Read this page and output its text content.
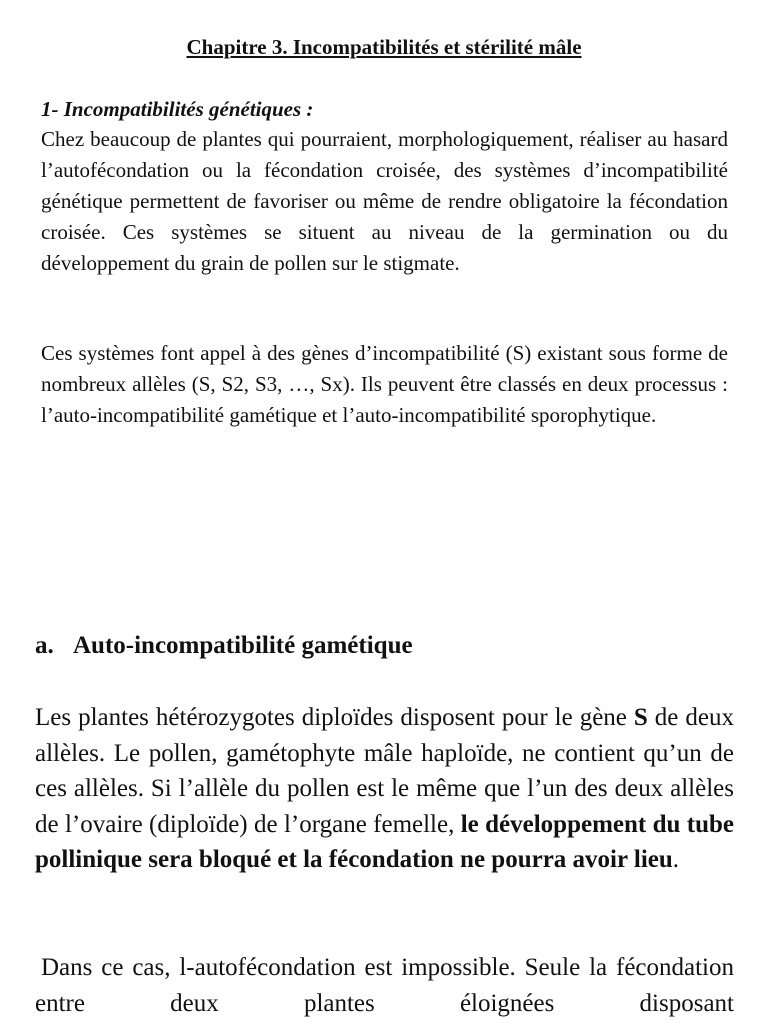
Chapitre 3. Incompatibilités et stérilité mâle
1- Incompatibilités génétiques :
Chez beaucoup de plantes qui pourraient, morphologiquement, réaliser au hasard l’autofécondation ou la fécondation croisée, des systèmes d’incompatibilité génétique permettent de favoriser ou même de rendre obligatoire la fécondation croisée. Ces systèmes se situent au niveau de la germination ou du développement du grain de pollen sur le stigmate.
Ces systèmes font appel à des gènes d’incompatibilité (S) existant sous forme de nombreux allèles (S, S2, S3, …, Sx). Ils peuvent être classés en deux processus : l’auto-incompatibilité gamétique et l’auto-incompatibilité sporophytique.
a. Auto-incompatibilité gamétique
Les plantes hétérozygotes diploïdes disposent pour le gène S de deux allèles. Le pollen, gamétophyte mâle haploïde, ne contient qu’un de ces allèles. Si l’allèle du pollen est le même que l’un des deux allèles de l’ovaire (diploïde) de l’organe femelle, le développement du tube pollinique sera bloqué et la fécondation ne pourra avoir lieu.
Dans ce cas, l-autofécondation est impossible. Seule la fécondation entre deux plantes éloignées disposant
